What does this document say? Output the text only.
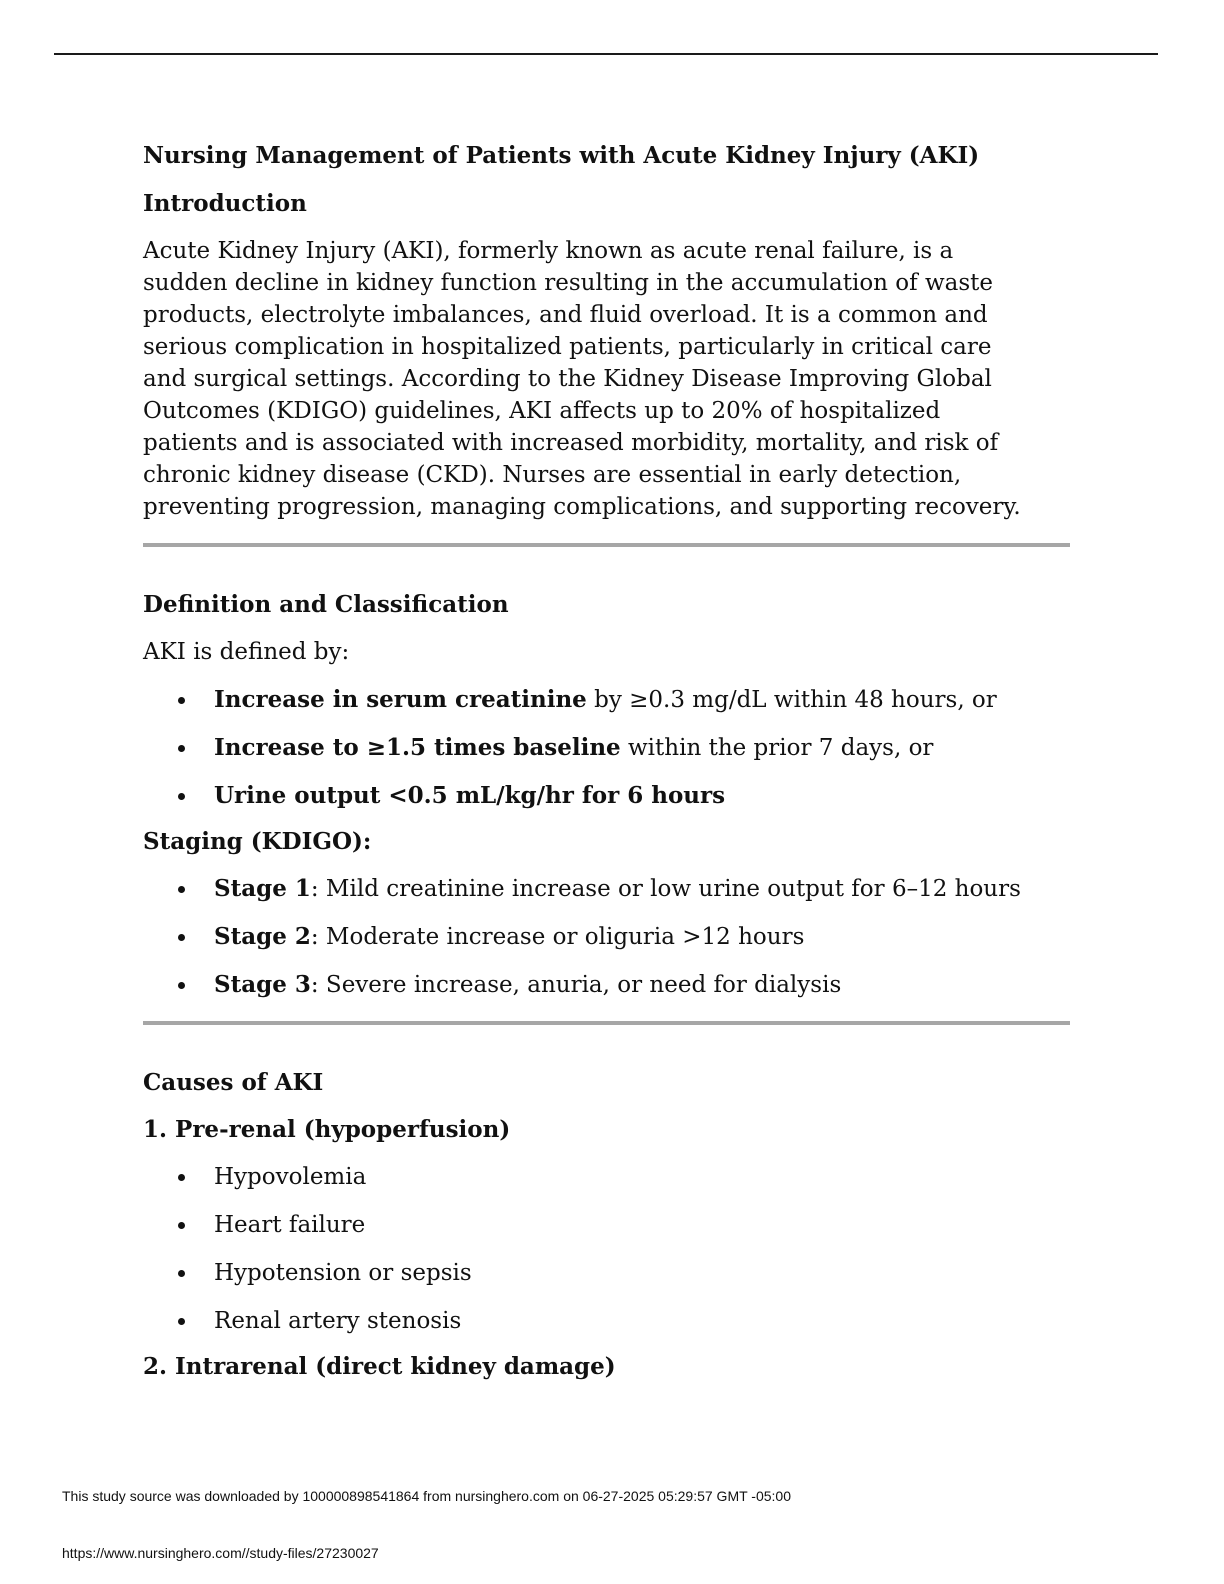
Nursing Management of Patients with Acute Kidney Injury (AKI)
Introduction

Acute Kidney Injury (AKI), formerly known as acute renal failure, is a
sudden decline in kidney function resulting in the accumulation of waste
products, electrolyte imbalances, and fluid overload. It is a common and
serious complication in hospitalized patients, particularly in critical care
and surgical settings. According to the Kidney Disease Improving Global
Outcomes (KDIGO) guidelines, AKI affects up to 20% of hospitalized
patients and is associated with increased morbidity, mortality, and risk of
chronic kidney disease (CKD). Nurses are essential in early detection,
preventing progression, managing complications, and supporting recovery.

Definition and Classification

AKI is defined by:

Increase in serum creatinine by ≥0.3 mg/dL within 48 hours, or
Increase to ≥1.5 times baseline within the prior 7 days, or
Urine output <0.5 mL/kg/hr for 6 hours
Staging (KDIGO):
Stage 1: Mild creatinine increase or low urine output for 6–12 hours
Stage 2: Moderate increase or oliguria >12 hours
Stage 3: Severe increase, anuria, or need for dialysis
Causes of AKI
1. Pre-renal (hypoperfusion)
Hypovolemia
Heart failure
Hypotension or sepsis
Renal artery stenosis
2. Intrarenal (direct kidney damage)
This study source was downloaded by 100000898541864 from nursinghero.com on 06-27-2025 05:29:57 GMT -05:00
https://www.nursinghero.com//study-files/27230027
